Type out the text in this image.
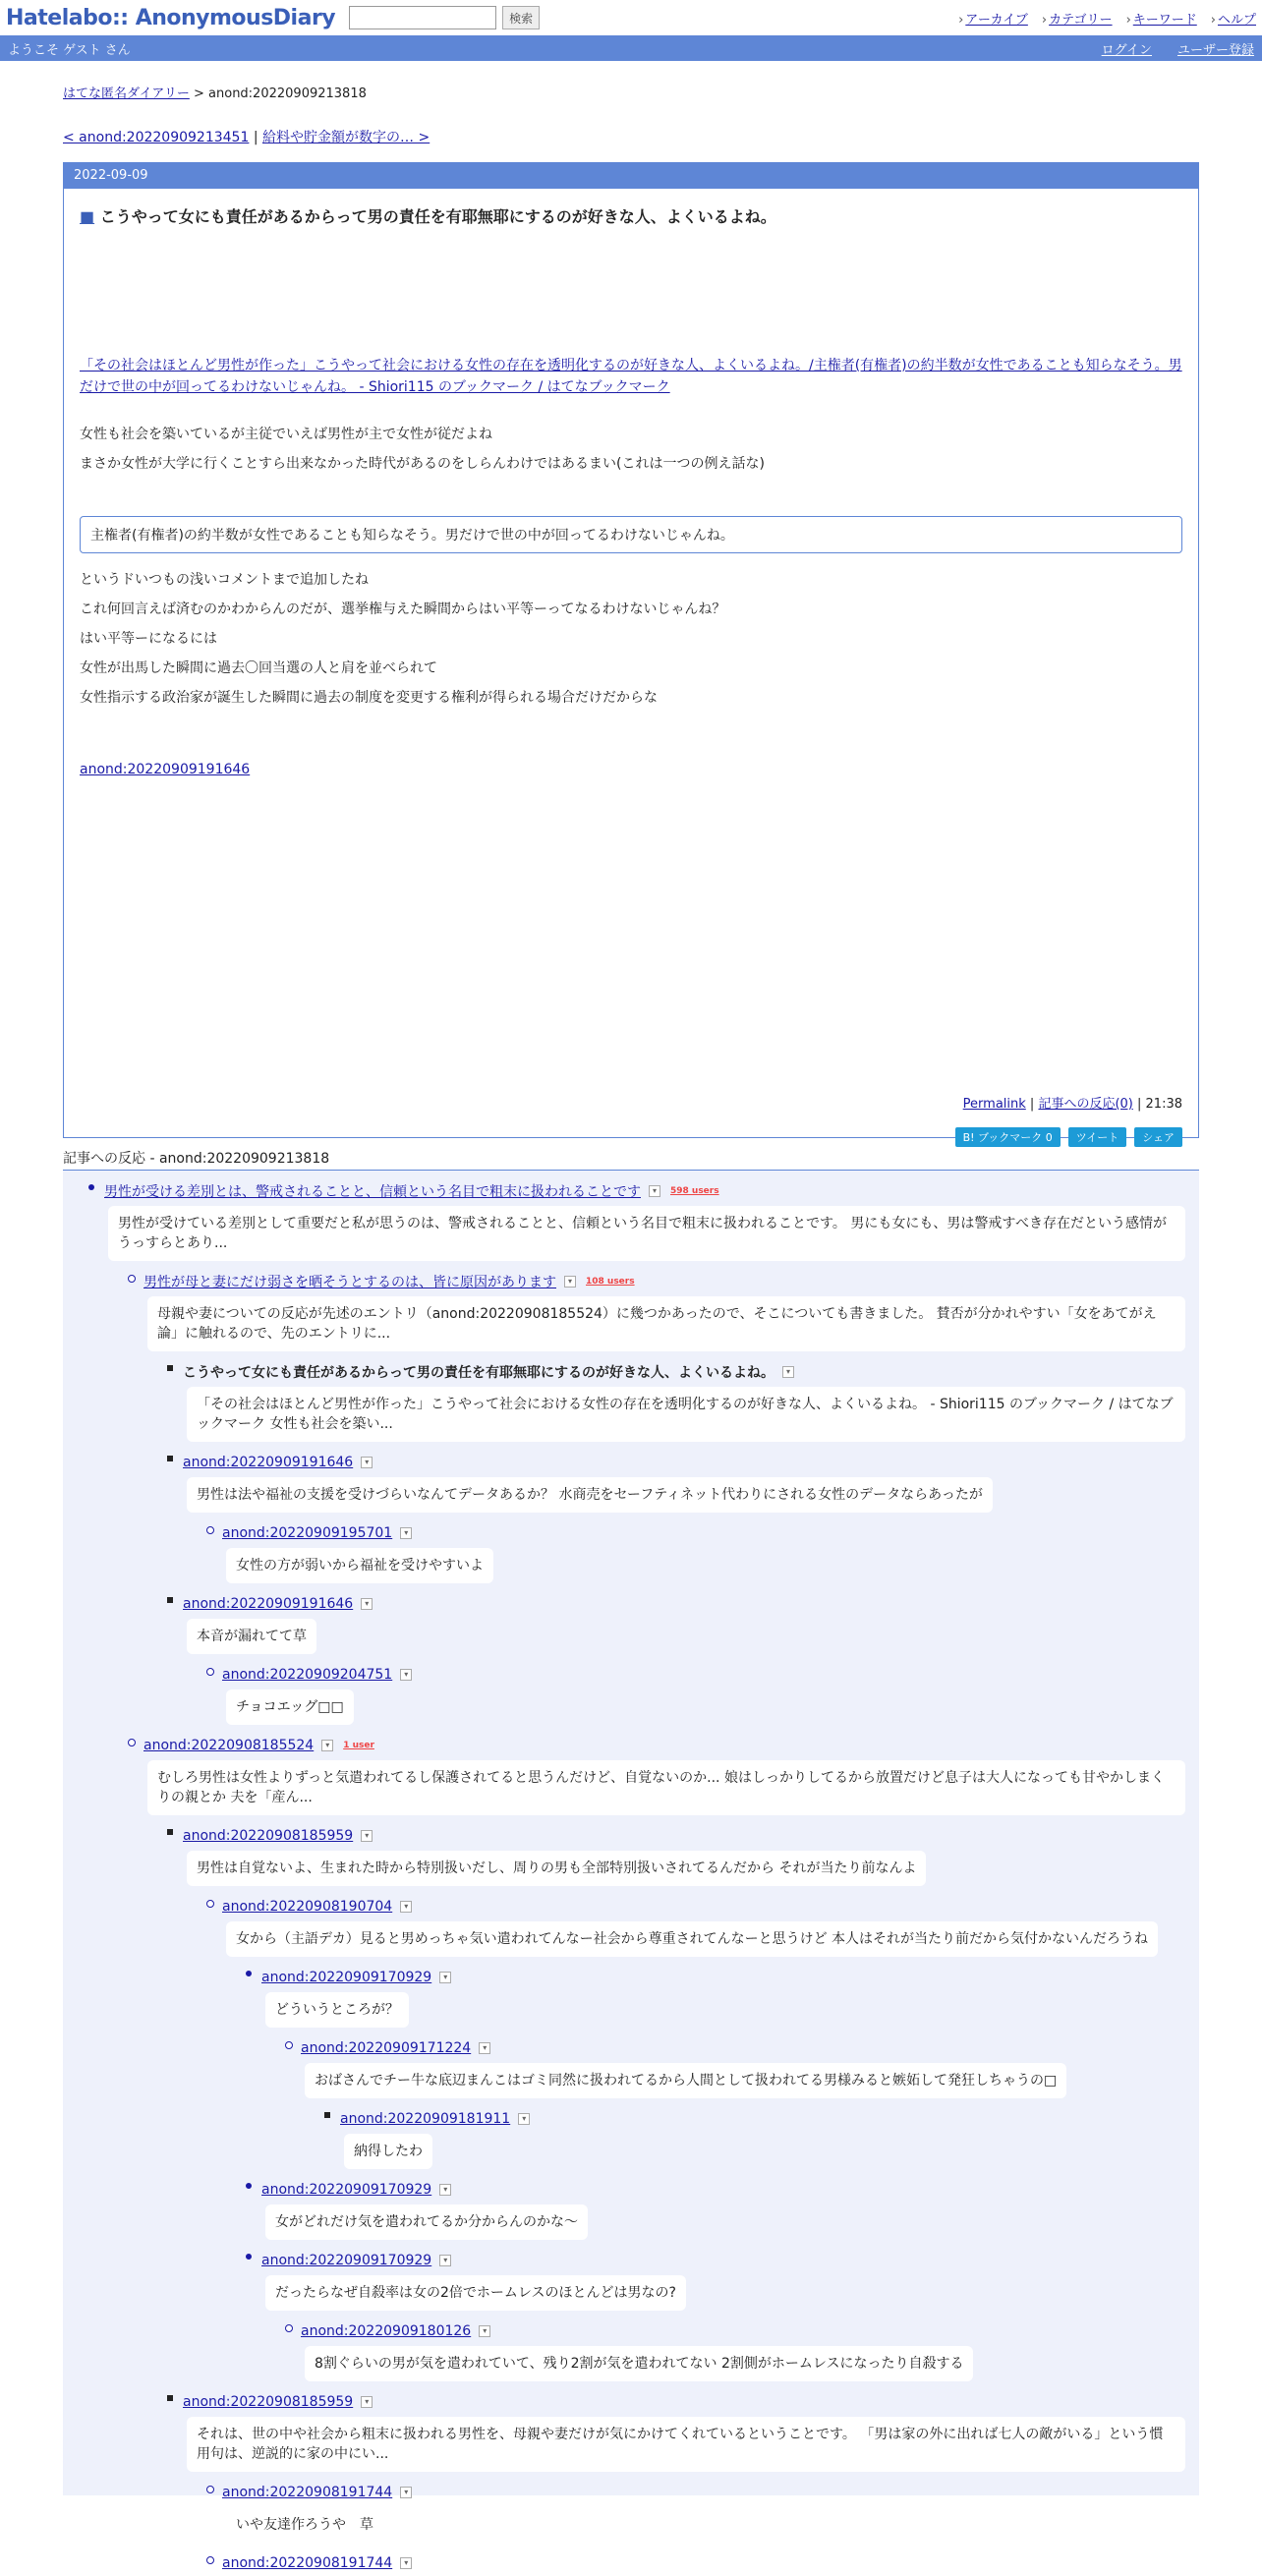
Hatelabo:: AnonymousDiary	検索	› アーカイブ	› カテゴリー	› キーワード	› ヘルプ
ようこそ ゲスト さん	ログイン ユーザー登録
はてな匿名ダイアリー > anond:20220909213818
< anond:20220909213451 | 給料や貯金額が数字の… >
2022-09-09
■ こうやって女にも責任があるからって男の責任を有耶無耶にするのが好きな人、よくいるよね。
「その社会はほとんど男性が作った」こうやって社会における女性の存在を透明化するのが好きな人、よくいるよね。/主権者(有権者)の約半数が女性であることも知らなそう。男だけで世の中が回ってるわけないじゃんね。 - Shiori115 のブックマーク / はてなブックマーク

女性も社会を築いているが主従でいえば男性が主で女性が従だよね

まさか女性が大学に行くことすら出来なかった時代があるのをしらんわけではあるまい(これは一つの例え話な)

主権者(有権者)の約半数が女性であることも知らなそう。男だけで世の中が回ってるわけないじゃんね。

というドいつもの浅いコメントまで追加したね

これ何回言えば済むのかわからんのだが、選挙権与えた瞬間からはい平等ーってなるわけないじゃんね？

はい平等ーになるには

女性が出馬した瞬間に過去〇回当選の人と肩を並べられて

女性指示する政治家が誕生した瞬間に過去の制度を変更する権利が得られる場合だけだからな

anond:20220909191646
Permalink | 記事への反応(0) | 21:38
B! ブックマーク 0	ツイート	シェア
記事への反応 - anond:20220909213818
男性が受ける差別とは、警戒されることと、信頼という名目で粗末に扱われることです	▾	598 users
男性が受けている差別として重要だと私が思うのは、警戒されることと、信頼という名目で粗末に扱われることです。 男にも女にも、男は警戒すべき存在だという感情がうっすらとあり...
男性が母と妻にだけ弱さを晒そうとするのは、皆に原因があります	▾	108 users
母親や妻についての反応が先述のエントリ（anond:20220908185524）に幾つかあったので、そこについても書きました。 賛否が分かれやすい「女をあてがえ論」に触れるので、先のエントリに...
こうやって女にも責任があるからって男の責任を有耶無耶にするのが好きな人、よくいるよね。	▾
「その社会はほとんど男性が作った」こうやって社会における女性の存在を透明化するのが好きな人、よくいるよね。 - Shiori115 のブックマーク / はてなブックマーク 女性も社会を築い...
anond:20220909191646	▾
男性は法や福祉の支援を受けづらいなんてデータあるか？ 水商売をセーフティネット代わりにされる女性のデータならあったが
anond:20220909195701	▾
女性の方が弱いから福祉を受けやすいよ
anond:20220909191646	▾
本音が漏れてて草
anond:20220909204751	▾
チョコエッグ□□
anond:20220908185524	▾	1 user
むしろ男性は女性よりずっと気遣われてるし保護されてると思うんだけど、自覚ないのか... 娘はしっかりしてるから放置だけど息子は大人になっても甘やかしまくりの親とか 夫を「産ん...
anond:20220908185959	▾
男性は自覚ないよ、生まれた時から特別扱いだし、周りの男も全部特別扱いされてるんだから それが当たり前なんよ
anond:20220908190704	▾
女から（主語デカ）見ると男めっちゃ気い遣われてんなー社会から尊重されてんなーと思うけど 本人はそれが当たり前だから気付かないんだろうね
anond:20220909170929	▾
どういうところが？
anond:20220909171224	▾
おばさんでチー牛な底辺まんこはゴミ同然に扱われてるから人間として扱われてる男様みると嫉妬して発狂しちゃうの□
anond:20220909181911	▾
納得したわ
anond:20220909170929	▾
女がどれだけ気を遣われてるか分からんのかな～
anond:20220909170929	▾
だったらなぜ自殺率は女の2倍でホームレスのほとんどは男なの?
anond:20220909180126	▾
8割ぐらいの男が気を遣われていて、残り2割が気を遣われてない 2割側がホームレスになったり自殺する
anond:20220908185959	▾
それは、世の中や社会から粗末に扱われる男性を、母親や妻だけが気にかけてくれているということです。 「男は家の外に出れば七人の敵がいる」という慣用句は、逆説的に家の中にい...
anond:20220908191744	▾
いや友達作ろうや　草
anond:20220908191744	▾
